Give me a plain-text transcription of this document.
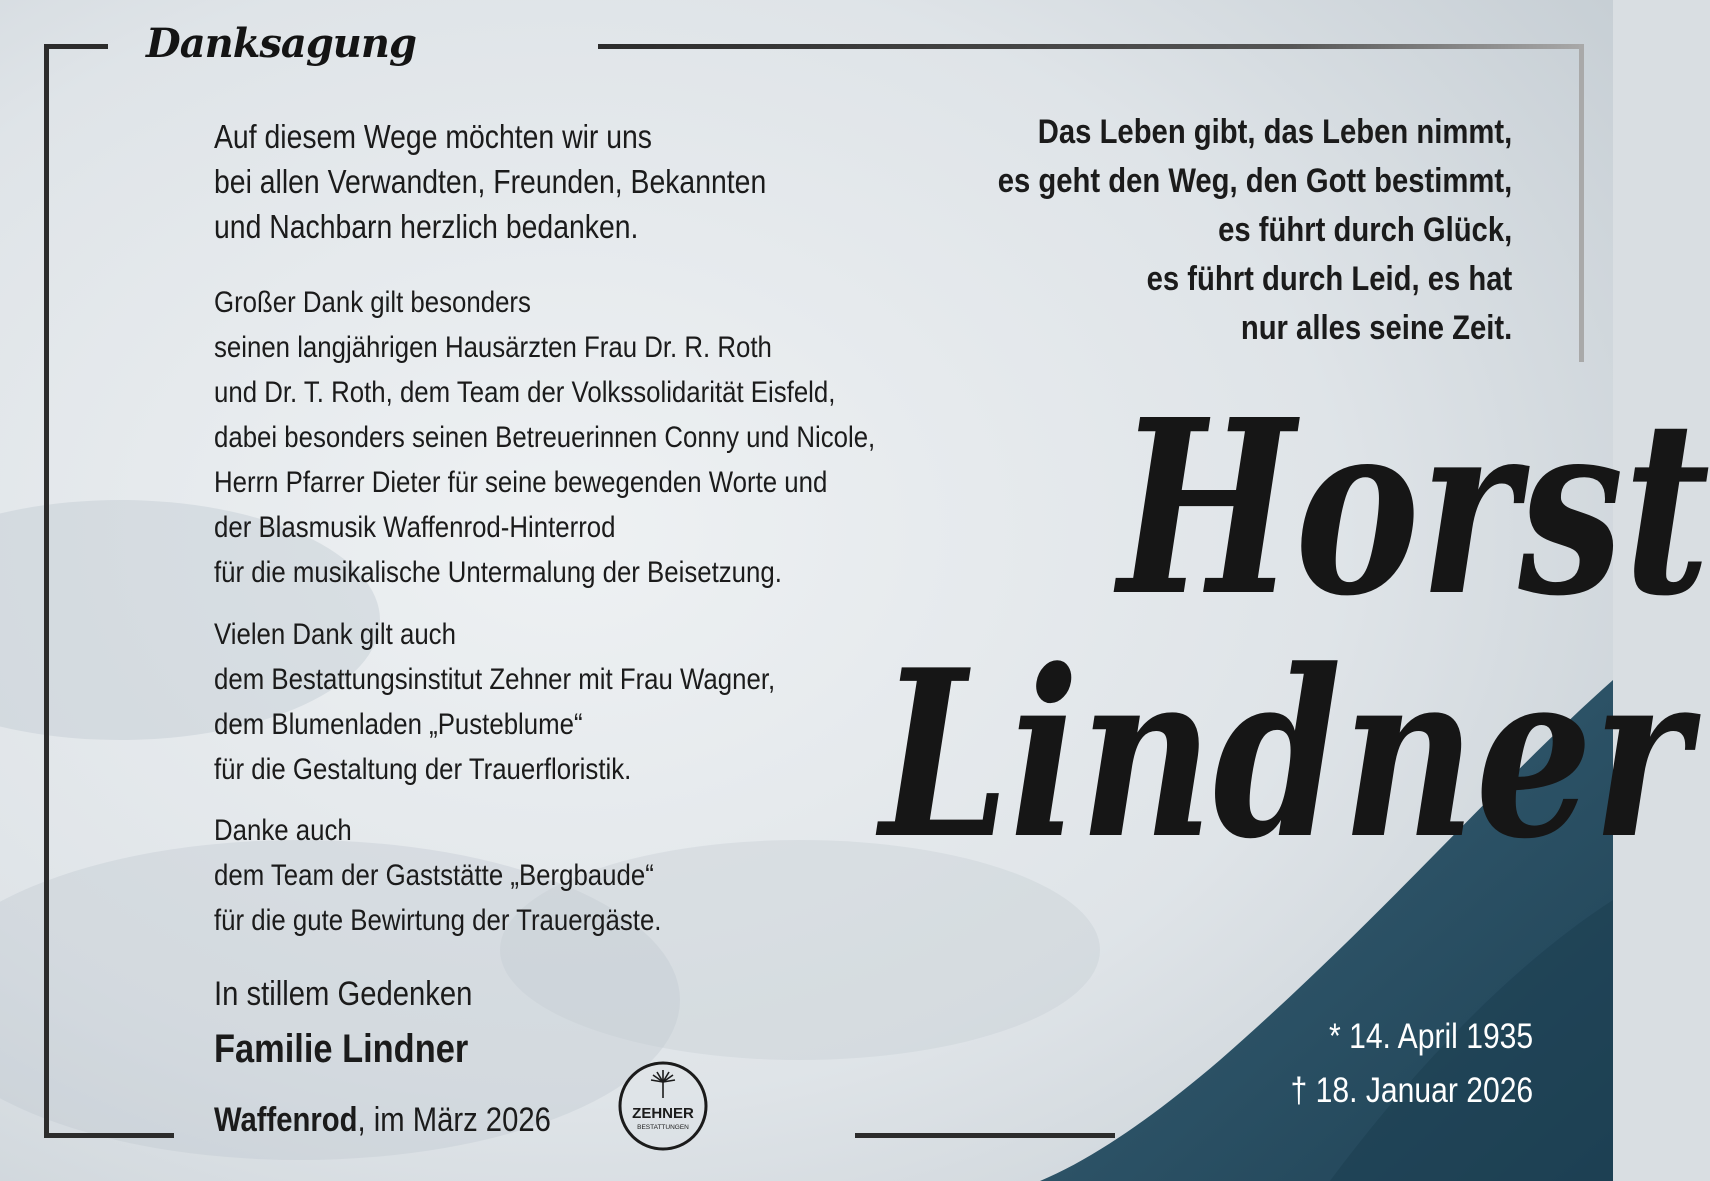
Danksagung
Auf diesem Wege möchten wir uns
bei allen Verwandten, Freunden, Bekannten
und Nachbarn herzlich bedanken.
Großer Dank gilt besonders
seinen langjährigen Hausärzten Frau Dr. R. Roth
und Dr. T. Roth, dem Team der Volkssolidarität Eisfeld,
dabei besonders seinen Betreuerinnen Conny und Nicole,
Herrn Pfarrer Dieter für seine bewegenden Worte und
der Blasmusik Waffenrod-Hinterrod
für die musikalische Untermalung der Beisetzung.
Vielen Dank gilt auch
dem Bestattungsinstitut Zehner mit Frau Wagner,
dem Blumenladen „Pusteblume“
für die Gestaltung der Trauerfloristik.
Danke auch
dem Team der Gaststätte „Bergbaude“
für die gute Bewirtung der Trauergäste.
In stillem Gedenken
Familie Lindner
Waffenrod, im März 2026	ZEHNER
BESTATTUNGEN
Das Leben gibt, das Leben nimmt,
es geht den Weg, den Gott bestimmt,
es führt durch Glück,
es führt durch Leid, es hat
nur alles seine Zeit.
Horst
Lindner
* 14. April 1935
† 18. Januar 2026
